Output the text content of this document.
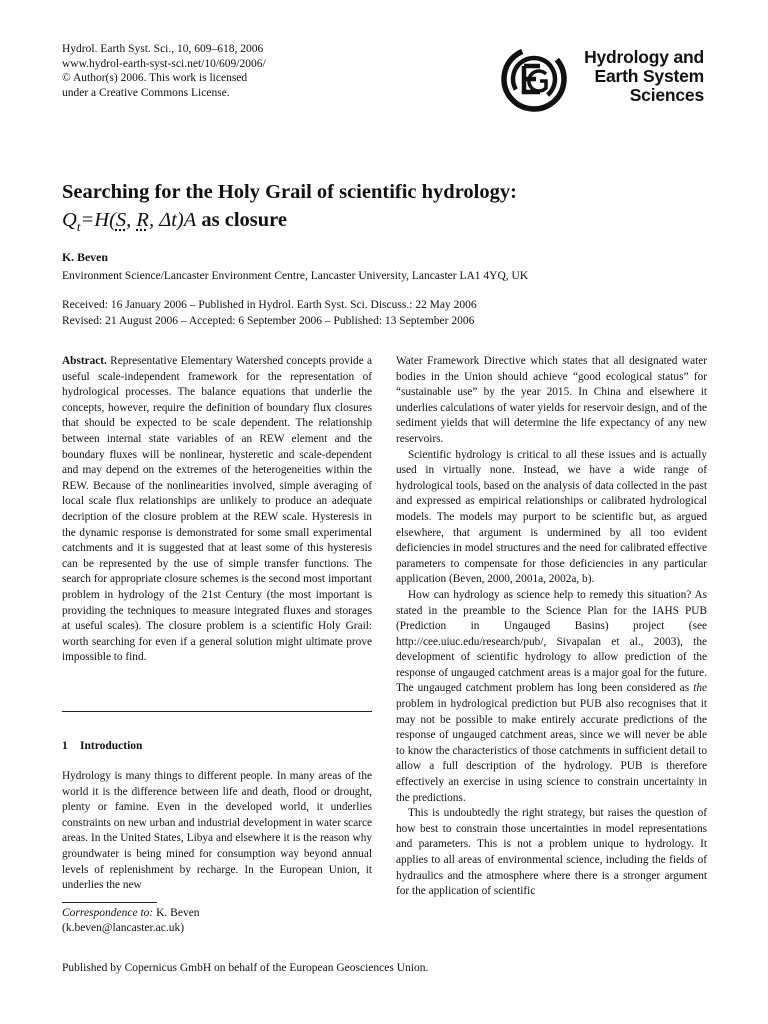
Hydrol. Earth Syst. Sci., 10, 609–618, 2006
www.hydrol-earth-syst-sci.net/10/609/2006/
© Author(s) 2006. This work is licensed
under a Creative Commons License.
Hydrology and
Earth System
Sciences
Searching for the Holy Grail of scientific hydrology:
$Q_t=H(S$, R, Δt)A as closure
K. Beven
Environment Science/Lancaster Environment Centre, Lancaster University, Lancaster LA1 4YQ, UK
Received: 16 January 2006 – Published in Hydrol. Earth Syst. Sci. Discuss.: 22 May 2006
Revised: 21 August 2006 – Accepted: 6 September 2006 – Published: 13 September 2006

Abstract. Representative Elementary Watershed concepts provide a useful scale-independent framework for the representation of hydrological processes. The balance equations that underlie the concepts, however, require the definition of boundary flux closures that should be expected to be scale dependent. The relationship between internal state variables of an REW element and the boundary fluxes will be nonlinear, hysteretic and scale-dependent and may depend on the extremes of the heterogeneities within the REW. Because of the nonlinearities involved, simple averaging of local scale flux relationships are unlikely to produce an adequate decription of the closure problem at the REW scale. Hysteresis in the dynamic response is demonstrated for some small experimental catchments and it is suggested that at least some of this hysteresis can be represented by the use of simple transfer functions. The search for appropriate closure schemes is the second most important problem in hydrology of the 21st Century (the most important is providing the techniques to measure integrated fluxes and storages at useful scales). The closure problem is a scientific Holy Grail: worth searching for even if a general solution might ultimate prove impossible to find.

1 Introduction

Hydrology is many things to different people. In many areas of the world it is the difference between life and death, flood or drought, plenty or famine. Even in the developed world, it underlies constraints on new urban and industrial development in water scarce areas. In the United States, Libya and elsewhere it is the reason why groundwater is being mined for consumption way beyond annual levels of replenishment by recharge. In the European Union, it underlies the new

Correspondence to: K. Beven
(k.beven@lancaster.ac.uk)

Water Framework Directive which states that all designated water bodies in the Union should achieve “good ecological status” for “sustainable use” by the year 2015. In China and elsewhere it underlies calculations of water yields for reservoir design, and of the sediment yields that will determine the life expectancy of any new reservoirs.

Scientific hydrology is critical to all these issues and is actually used in virtually none. Instead, we have a wide range of hydrological tools, based on the analysis of data collected in the past and expressed as empirical relationships or calibrated hydrological models. The models may purport to be scientific but, as argued elsewhere, that argument is undermined by all too evident deficiencies in model structures and the need for calibrated effective parameters to compensate for those deficiencies in any particular application (Beven, 2000, 2001a, 2002a, b).

How can hydrology as science help to remedy this situation? As stated in the preamble to the Science Plan for the IAHS PUB (Prediction in Ungauged Basins) project (see http://cee.uiuc.edu/research/pub/, Sivapalan et al., 2003), the development of scientific hydrology to allow prediction of the response of ungauged catchment areas is a major goal for the future. The ungauged catchment problem has long been considered as the problem in hydrological prediction but PUB also recognises that it may not be possible to make entirely accurate predictions of the response of ungauged catchment areas, since we will never be able to know the characteristics of those catchments in sufficient detail to allow a full description of the hydrology. PUB is therefore effectively an exercise in using science to constrain uncertainty in the predictions.

This is undoubtedly the right strategy, but raises the question of how best to constrain those uncertainties in model representations and parameters. This is not a problem unique to hydrology. It applies to all areas of environmental science, including the fields of hydraulics and the atmosphere where there is a stronger argument for the application of scientific

Published by Copernicus GmbH on behalf of the European Geosciences Union.
